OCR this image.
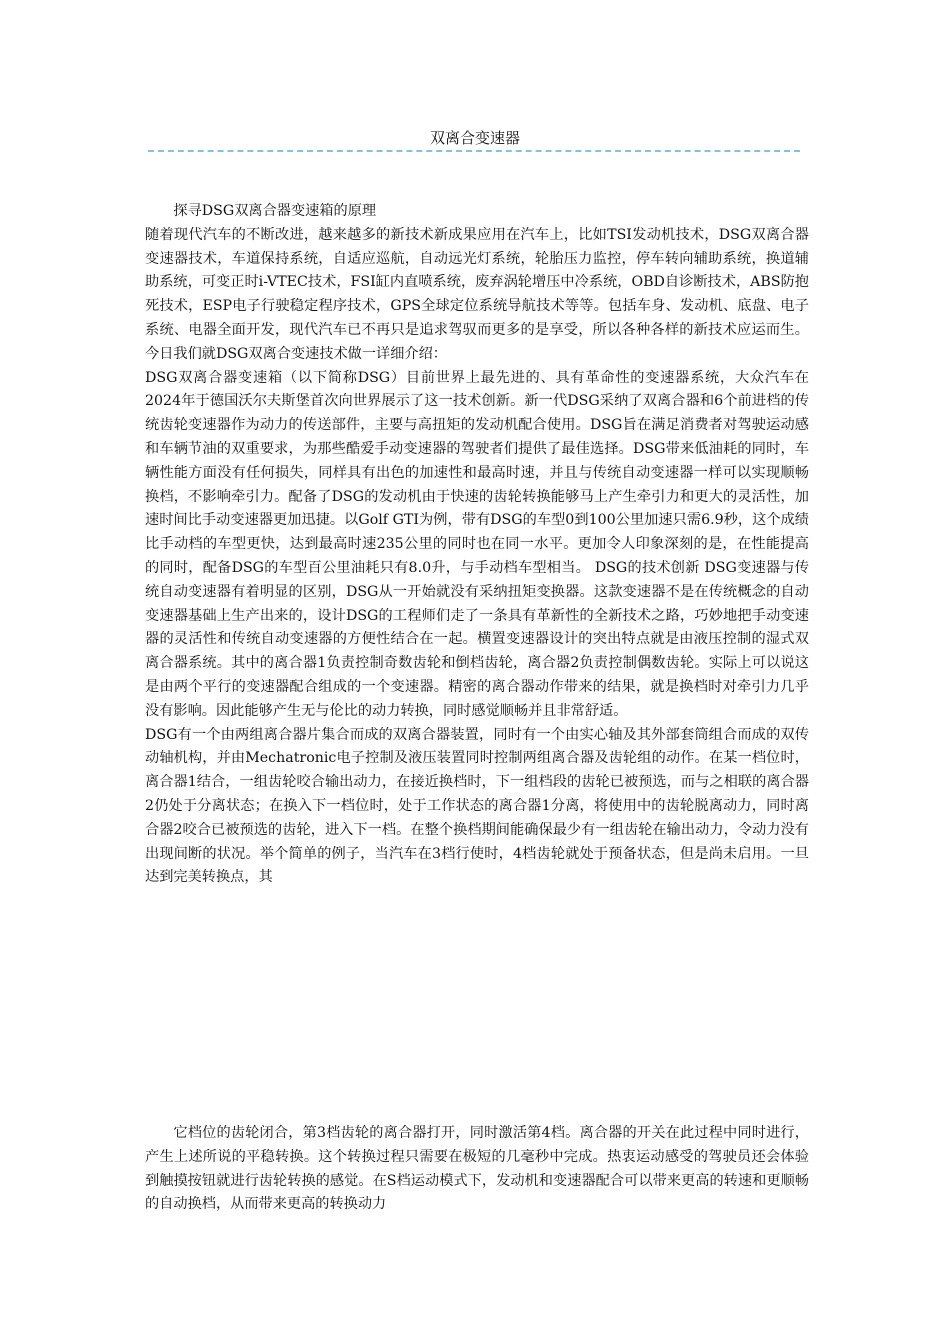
双离合变速器

探寻DSG双离合器变速箱的原理

随着现代汽车的不断改进，越来越多的新技术新成果应用在汽车上，比如TSI发动机技术，DSG双离合器变速器技术，车道保持系统，自适应巡航，自动远光灯系统，轮胎压力监控，停车转向辅助系统，换道辅助系统，可变正时i-VTEC技术，FSI缸内直喷系统，废弃涡轮增压中冷系统，OBD自诊断技术，ABS防抱死技术，ESP电子行驶稳定程序技术，GPS全球定位系统导航技术等等。包括车身、发动机、底盘、电子系统、电器全面开发，现代汽车已不再只是追求驾驭而更多的是享受，所以各种各样的新技术应运而生。今日我们就DSG双离合变速技术做一详细介绍：

DSG双离合器变速箱（以下简称DSG）目前世界上最先进的、具有革命性的变速器系统，大众汽车在2024年于德国沃尔夫斯堡首次向世界展示了这一技术创新。新一代DSG采纳了双离合器和6个前进档的传统齿轮变速器作为动力的传送部件，主要与高扭矩的发动机配合使用。DSG旨在满足消费者对驾驶运动感和车辆节油的双重要求，为那些酷爱手动变速器的驾驶者们提供了最佳选择。DSG带来低油耗的同时，车辆性能方面没有任何损失，同样具有出色的加速性和最高时速，并且与传统自动变速器一样可以实现顺畅换档，不影响牵引力。配备了DSG的发动机由于快速的齿轮转换能够马上产生牵引力和更大的灵活性，加速时间比手动变速器更加迅捷。以Golf GTI为例，带有DSG的车型0到100公里加速只需6.9秒，这个成绩比手动档的车型更快，达到最高时速235公里的同时也在同一水平。更加令人印象深刻的是，在性能提高的同时，配备DSG的车型百公里油耗只有8.0升，与手动档车型相当。 DSG的技术创新 DSG变速器与传统自动变速器有着明显的区别，DSG从一开始就没有采纳扭矩变换器。这款变速器不是在传统概念的自动变速器基础上生产出来的，设计DSG的工程师们走了一条具有革新性的全新技术之路，巧妙地把手动变速器的灵活性和传统自动变速器的方便性结合在一起。横置变速器设计的突出特点就是由液压控制的湿式双离合器系统。其中的离合器1负责控制奇数齿轮和倒档齿轮，离合器2负责控制偶数齿轮。实际上可以说这是由两个平行的变速器配合组成的一个变速器。精密的离合器动作带来的结果，就是换档时对牵引力几乎没有影响。因此能够产生无与伦比的动力转换，同时感觉顺畅并且非常舒适。

DSG有一个由两组离合器片集合而成的双离合器装置，同时有一个由实心轴及其外部套筒组合而成的双传动轴机构，并由Mechatronic电子控制及液压装置同时控制两组离合器及齿轮组的动作。在某一档位时，离合器1结合，一组齿轮咬合输出动力，在接近换档时，下一组档段的齿轮已被预选，而与之相联的离合器2仍处于分离状态；在换入下一档位时，处于工作状态的离合器1分离，将使用中的齿轮脱离动力，同时离合器2咬合已被预选的齿轮，进入下一档。在整个换档期间能确保最少有一组齿轮在输出动力，令动力没有出现间断的状况。举个简单的例子，当汽车在3档行使时，4档齿轮就处于预备状态，但是尚未启用。一旦达到完美转换点，其

它档位的齿轮闭合，第3档齿轮的离合器打开，同时激活第4档。离合器的开关在此过程中同时进行，产生上述所说的平稳转换。这个转换过程只需要在极短的几毫秒中完成。热衷运动感受的驾驶员还会体验到触摸按钮就进行齿轮转换的感觉。在S档运动模式下，发动机和变速器配合可以带来更高的转速和更顺畅的自动换档，从而带来更高的转换动力
